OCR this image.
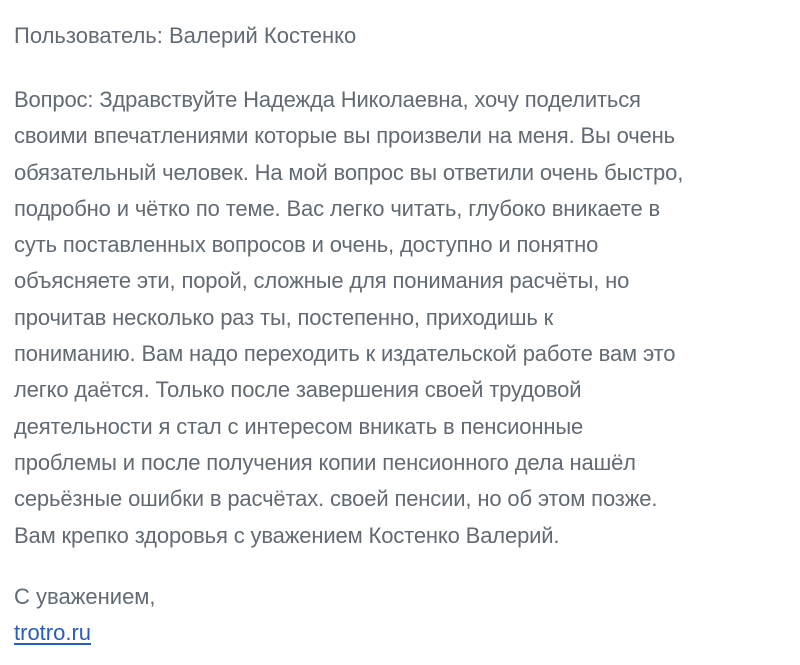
Пользователь: Валерий Костенко

Вопрос: Здравствуйте Надежда Николаевна, хочу поделиться
своими впечатлениями которые вы произвели на меня. Вы очень
обязательный человек. На мой вопрос вы ответили очень быстро,
подробно и чётко по теме. Вас легко читать, глубоко вникаете в
суть поставленных вопросов и очень, доступно и понятно
объясняете эти, порой, сложные для понимания расчёты, но
прочитав несколько раз ты, постепенно, приходишь к
пониманию. Вам надо переходить к издательской работе вам это
легко даётся. Только после завершения своей трудовой
деятельности я стал с интересом вникать в пенсионные
проблемы и после получения копии пенсионного дела нашёл
серьёзные ошибки в расчётах. своей пенсии, но об этом позже.
Вам крепко здоровья с уважением Костенко Валерий.

С уважением,
trotro.ru
